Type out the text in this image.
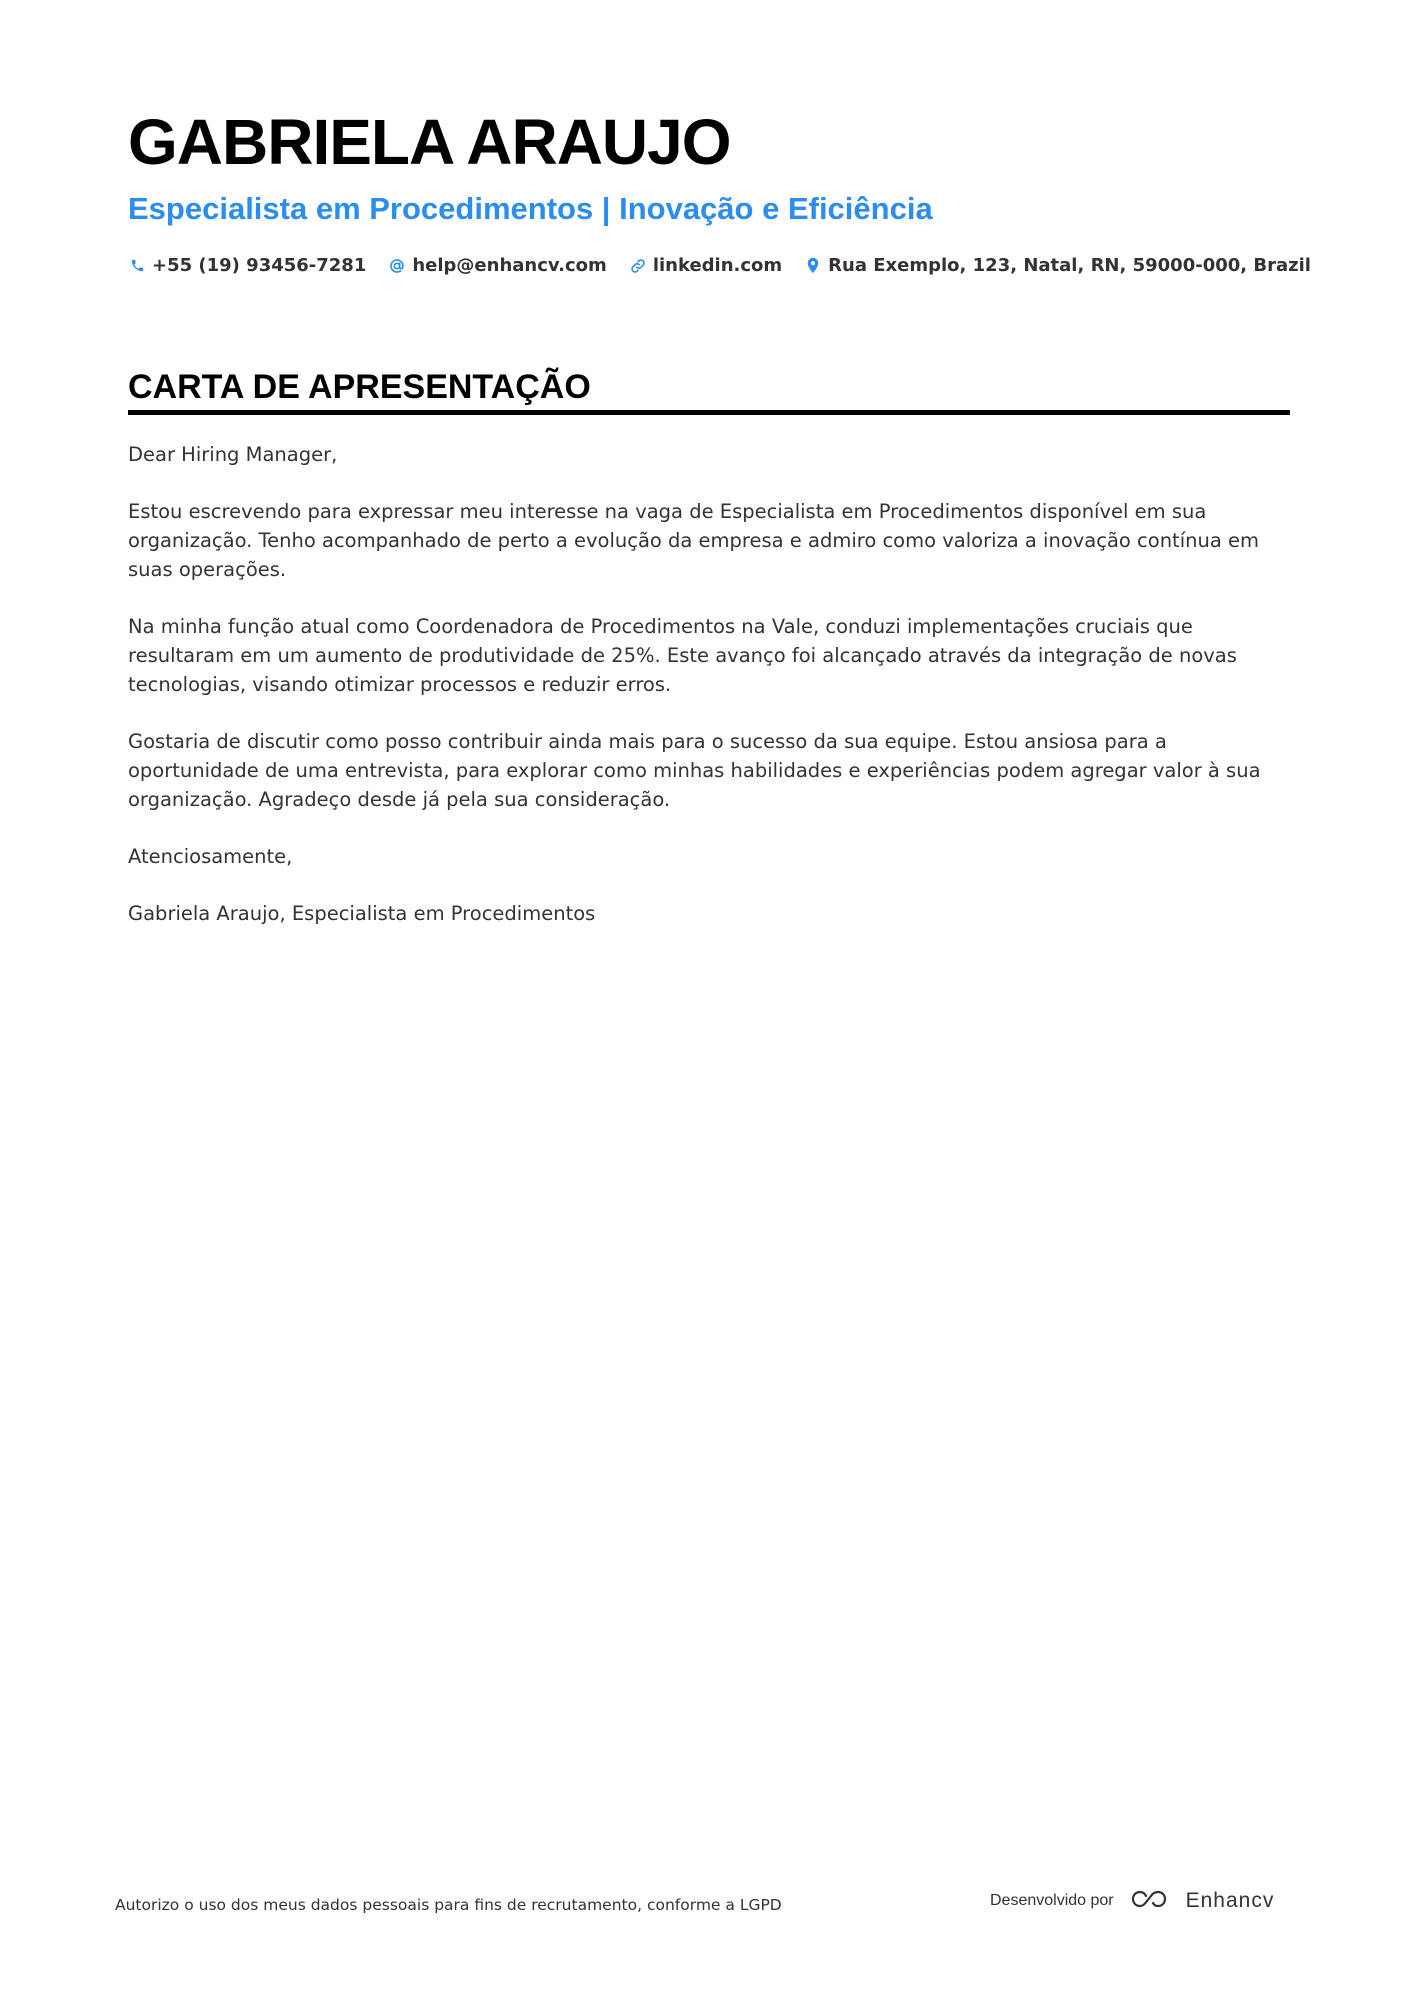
GABRIELA ARAUJO
Especialista em Procedimentos | Inovação e Eficiência
+55 (19) 93456-7281	help@enhancv.com	linkedin.com	Rua Exemplo, 123, Natal, RN, 59000-000, Brazil
CARTA DE APRESENTAÇÃO

Dear Hiring Manager,

Estou escrevendo para expressar meu interesse na vaga de Especialista em Procedimentos disponível em sua organização. Tenho acompanhado de perto a evolução da empresa e admiro como valoriza a inovação contínua em suas operações.

Na minha função atual como Coordenadora de Procedimentos na Vale, conduzi implementações cruciais que resultaram em um aumento de produtividade de 25%. Este avanço foi alcançado através da integração de novas tecnologias, visando otimizar processos e reduzir erros.

Gostaria de discutir como posso contribuir ainda mais para o sucesso da sua equipe. Estou ansiosa para a oportunidade de uma entrevista, para explorar como minhas habilidades e experiências podem agregar valor à sua organização. Agradeço desde já pela sua consideração.

Atenciosamente,

Gabriela Araujo, Especialista em Procedimentos

Autorizo o uso dos meus dados pessoais para fins de recrutamento, conforme a LGPD	Desenvolvido por	Enhancv
